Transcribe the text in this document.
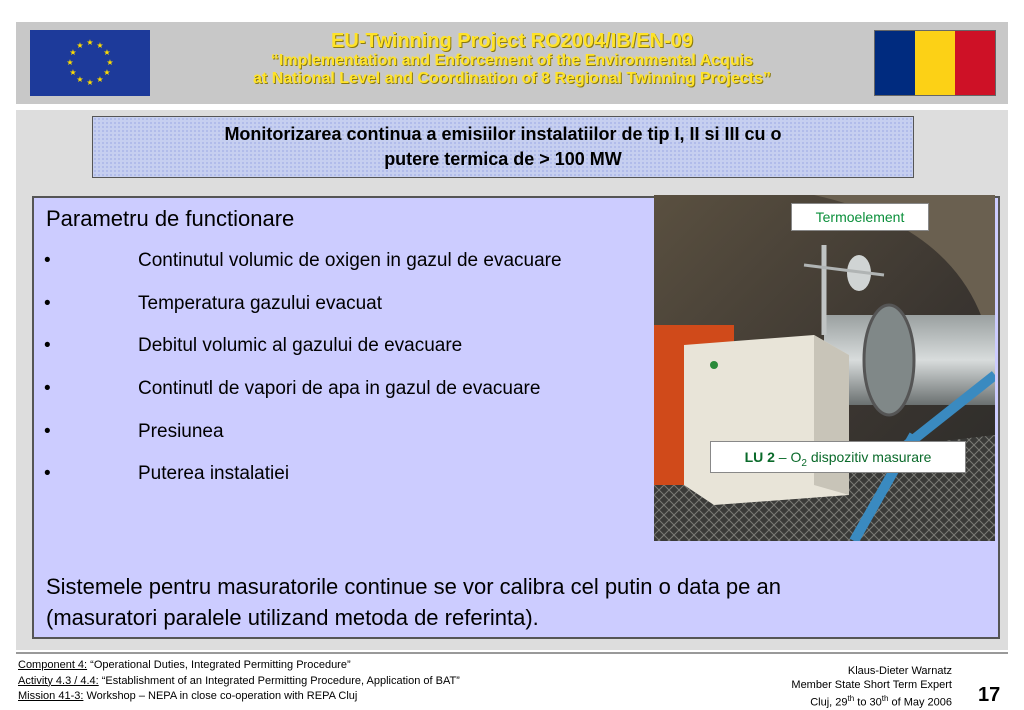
★ ★
★
★
★
★
★
★
★
★
★
★	EU-Twinning Project RO2004/IB/EN-09
“Implementation and Enforcement of the Environmental Acquis
at National Level and Coordination of 8 Regional Twinning Projects”
Monitorizarea continua a emisiilor instalatiilor de tip I, II si III cu o
putere termica de > 100 MW
Parametru de functionare
•	Continutul volumic de oxigen in gazul de evacuare
•	Temperatura gazului evacuat
•	Debitul volumic al gazului de evacuare
•	Continutl de vapori de apa in gazul de evacuare
•	Presiunea
•	Puterea instalatiei
Sistemele pentru masuratorile continue se vor calibra cel putin o data pe an
(masuratori paralele utilizand metoda de referinta).
Termoelement
LU $2 - O_2$ dispozitiv masurare
Component 4: “Operational Duties, Integrated Permitting Procedure”
Activity 4.3 / 4.4: “Establishment of an Integrated Permitting Procedure, Application of BAT”
Mission 41-3: Workshop – NEPA in close co-operation with REPA Cluj
Klaus-Dieter Warnatz
Member State Short Term Expert
Cluj, 29th to 30th of May 2006 17
